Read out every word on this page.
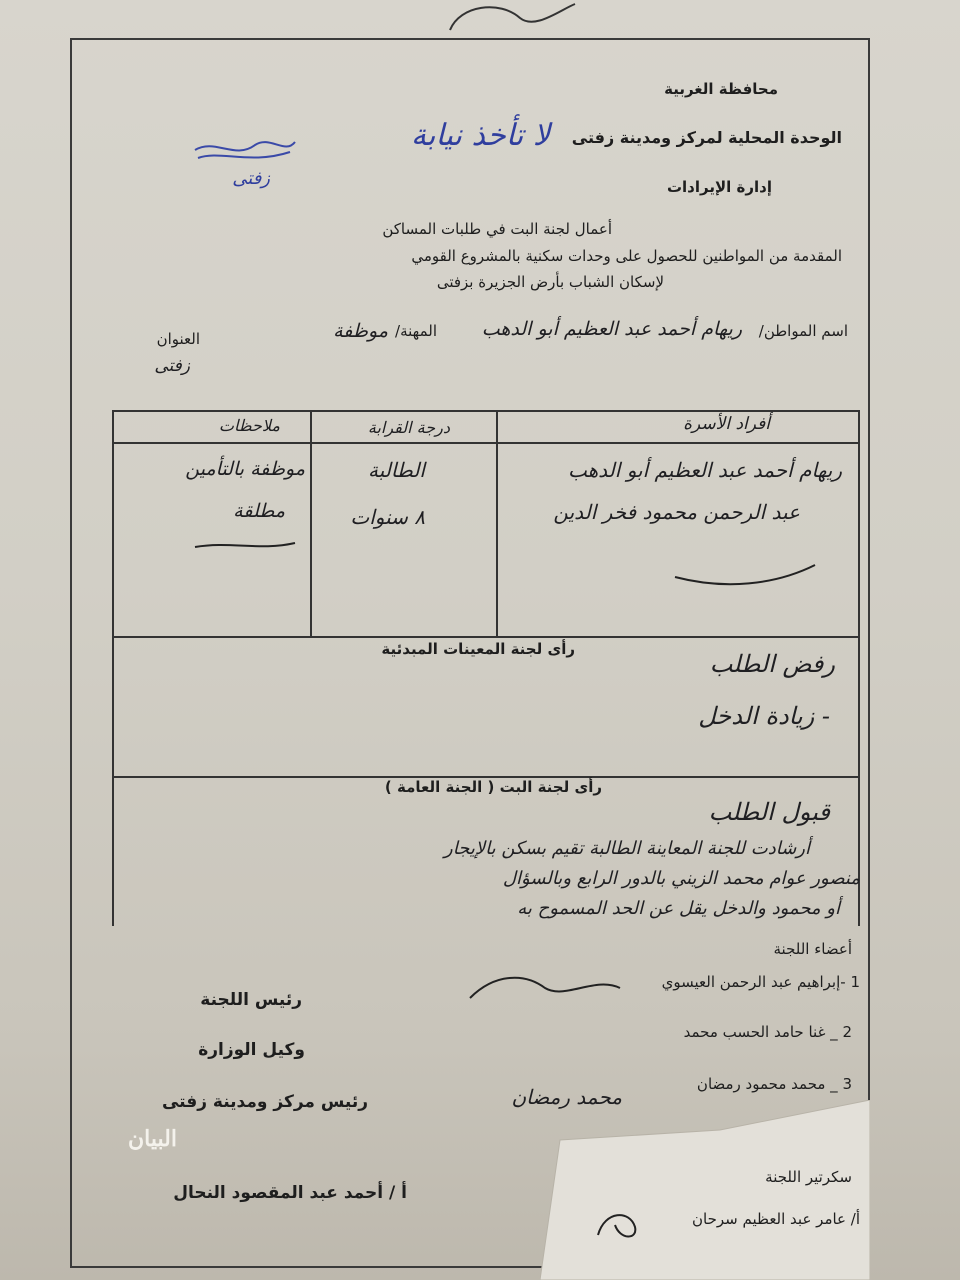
محافظة الغربية
الوحدة المحلية لمركز ومدينة زفتى
إدارة الإيرادات
لا تأخذ نيابة
زفتى
أعمال لجنة البت في طلبات المساكن
المقدمة من المواطنين للحصول على وحدات سكنية بالمشروع القومي
لإسكان الشباب بأرض الجزيرة بزفتى
اسم المواطن/
ريهام أحمد عبد العظيم أبو الدهب
المهنة/
موظفة
العنوان
زفتى
أفراد الأسرة
درجة القرابة
ملاحظات
ريهام أحمد عبد العظيم أبو الدهب
عبد الرحمن محمود فخر الدين
الطالبة
٨ سنوات
موظفة بالتأمين
مطلقة
رأى لجنة المعينات المبدئية
رفض الطلب
- زيادة الدخل
رأى لجنة البت ( الجنة العامة )
قبول الطلب
أرشادت للجنة المعاينة الطالبة تقيم بسكن بالإيجار
منصور عوام محمد الزيني بالدور الرابع وبالسؤال
أو محمود والدخل يقل عن الحد المسموح به
أعضاء اللجنة
1 -إبراهيم عبد الرحمن العيسوي
2 _ غنا حامد الحسب محمد
3 _ محمد محمود رمضان
محمد رمضان
سكرتير اللجنة
أ/ عامر عبد العظيم سرحان
رئيس اللجنة
وكيل الوزارة
رئيس مركز ومدينة زفتى
أ / أحمد عبد المقصود النحال
البيان
